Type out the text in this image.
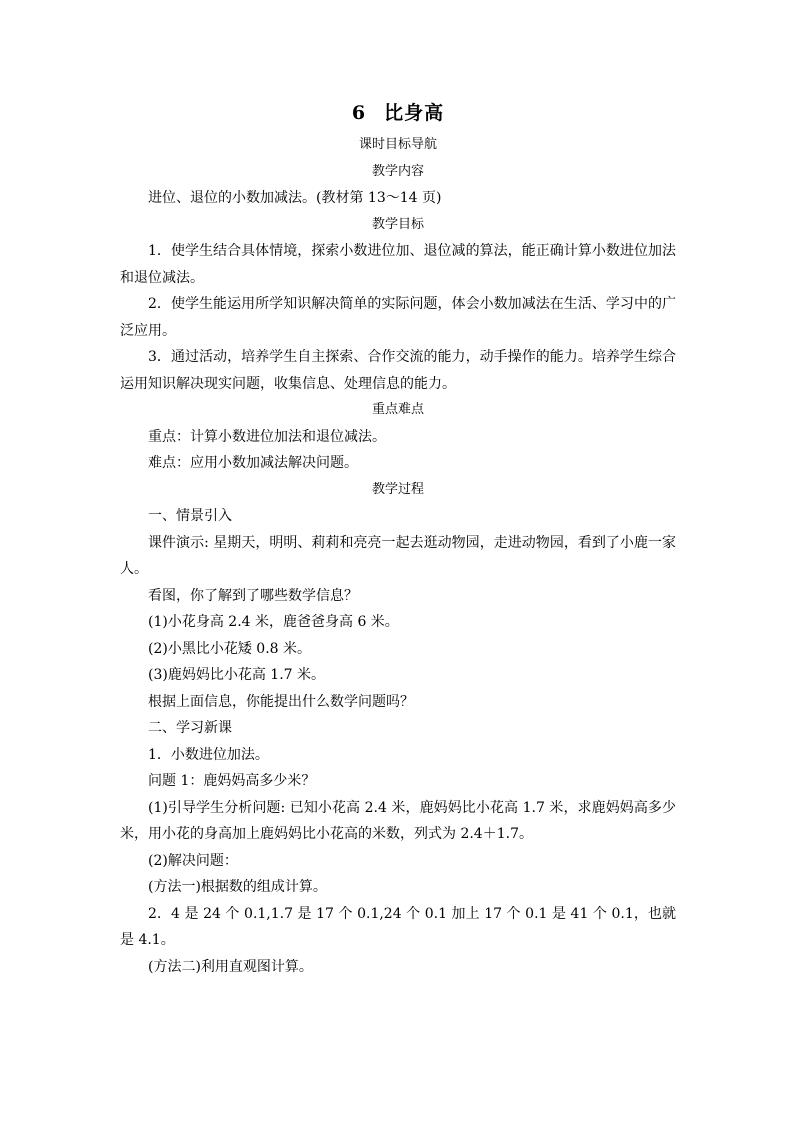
6 比身高
课时目标导航
教学内容
进位、退位的小数加减法。(教材第 13～14 页)
教学目标
1．使学生结合具体情境，探索小数进位加、退位减的算法，能正确计算小数进位加法和退位减法。
2．使学生能运用所学知识解决简单的实际问题，体会小数加减法在生活、学习中的广泛应用。
3．通过活动，培养学生自主探索、合作交流的能力，动手操作的能力。培养学生综合运用知识解决现实问题，收集信息、处理信息的能力。
重点难点
重点：计算小数进位加法和退位减法。
难点：应用小数加减法解决问题。
教学过程
一、情景引入
课件演示: 星期天，明明、莉莉和亮亮一起去逛动物园，走进动物园，看到了小鹿一家人。
看图，你了解到了哪些数学信息？
(1)小花身高 2.4 米，鹿爸爸身高 6 米。
(2)小黑比小花矮 0.8 米。
(3)鹿妈妈比小花高 1.7 米。
根据上面信息，你能提出什么数学问题吗？
二、学习新课
1．小数进位加法。
问题 1：鹿妈妈高多少米？
(1)引导学生分析问题: 已知小花高 2.4 米，鹿妈妈比小花高 1.7 米，求鹿妈妈高多少米，用小花的身高加上鹿妈妈比小花高的米数，列式为 2.4＋1.7。
(2)解决问题：
(方法一)根据数的组成计算。
2．4 是 24 个 0.1,1.7 是 17 个 0.1,24 个 0.1 加上 17 个 0.1 是 41 个 0.1，也就是 4.1。
(方法二)利用直观图计算。
